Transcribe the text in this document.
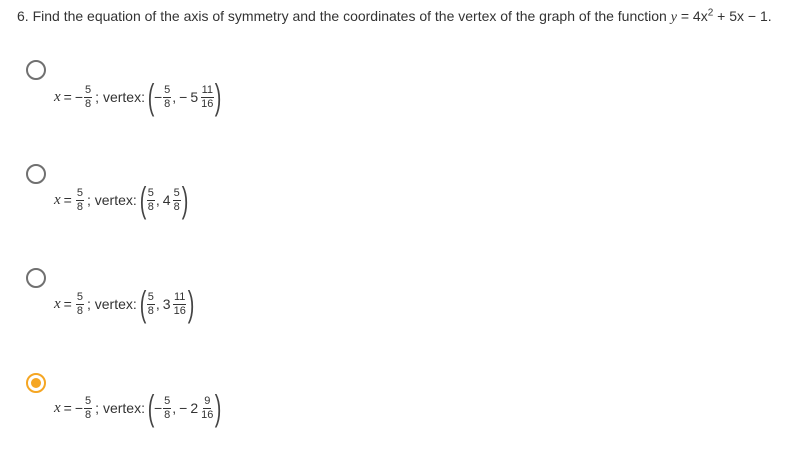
6. Find the equation of the axis of symmetry and the coordinates of the vertex of the graph of the function $y = 4x^2 + 5x - 1$.
x = − $\frac{5}{8}$ ; vertex: ( − $\frac{5}{8}$ , − $5 \frac{11}{16}$ )
$x = \frac{5}{8}$ ; vertex: ( $\frac{5}{8}$ , $4 \frac{5}{8}$ )
$x = \frac{5}{8}$ ; vertex: ( $\frac{5}{8}$ , $3 \frac{11}{16}$ )
x = − $\frac{5}{8}$ ; vertex: ( − $\frac{5}{8}$ , − $2 \frac{9}{16}$ )
